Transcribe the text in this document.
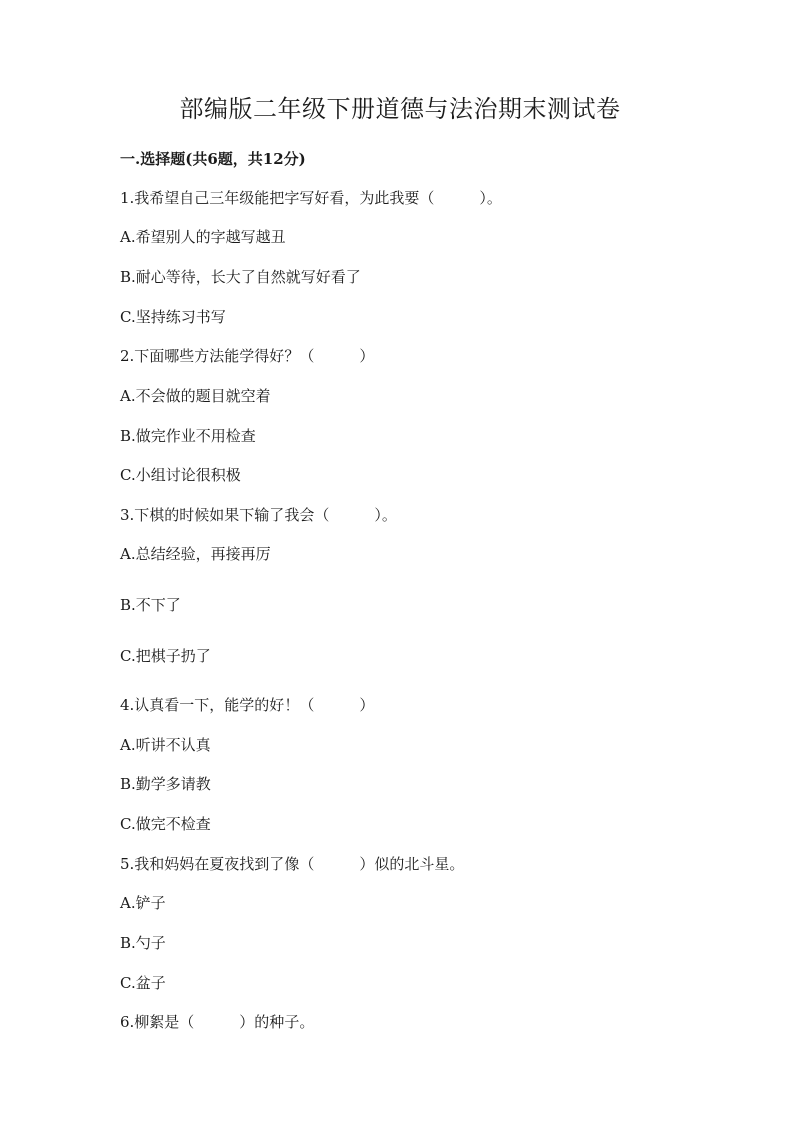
部编版二年级下册道德与法治期末测试卷
一.选择题(共6题，共12分)
1.我希望自己三年级能把字写好看，为此我要（　　　）。
A.希望别人的字越写越丑
B.耐心等待，长大了自然就写好看了
C.坚持练习书写
2.下面哪些方法能学得好？（　　　）
A.不会做的题目就空着
B.做完作业不用检查
C.小组讨论很积极
3.下棋的时候如果下输了我会（　　　）。
A.总结经验，再接再厉
B.不下了
C.把棋子扔了
4.认真看一下，能学的好！（　　　）
A.听讲不认真
B.勤学多请教
C.做完不检查
5.我和妈妈在夏夜找到了像（　　　）似的北斗星。
A.铲子
B.勺子
C.盆子
6.柳絮是（　　　）的种子。
